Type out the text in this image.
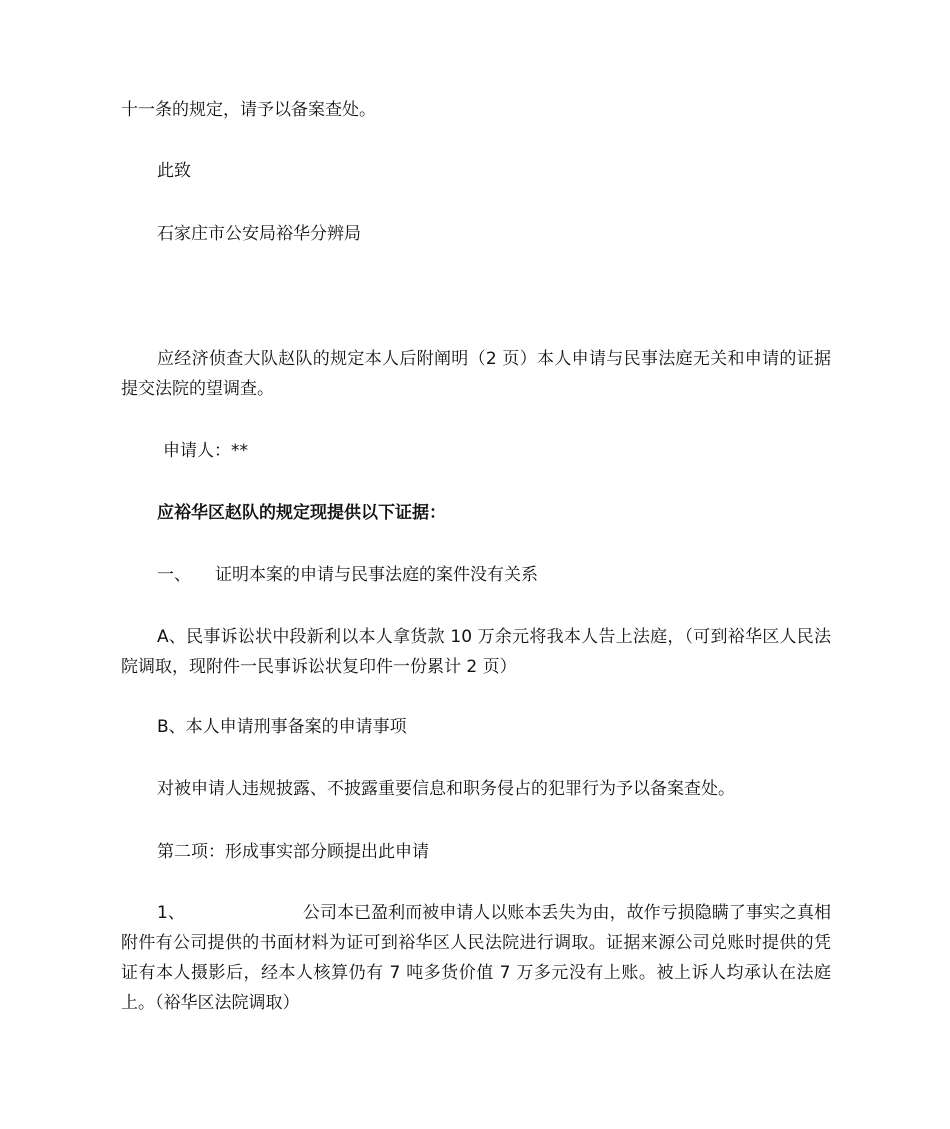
十一条的规定，请予以备案查处。
此致
石家庄市公安局裕华分辨局
应经济侦查大队赵队的规定本人后附阐明（2 页）本人申请与民事法庭无关和申请的证据提交法院的望调查。
申请人：**
应裕华区赵队的规定现提供以下证据：
一、 证明本案的申请与民事法庭的案件没有关系
A、民事诉讼状中段新利以本人拿货款 10 万余元将我本人告上法庭，（可到裕华区人民法院调取，现附件一民事诉讼状复印件一份累计 2 页）
B、本人申请刑事备案的申请事项
对被申请人违规披露、不披露重要信息和职务侵占的犯罪行为予以备案查处。
第二项：形成事实部分顾提出此申请
1、	公司本已盈利而被申请人以账本丢失为由，故作亏损隐瞒了事实之真相附件有公司提供的书面材料为证可到裕华区人民法院进行调取。证据来源公司兑账时提供的凭证有本人摄影后，经本人核算仍有 7 吨多货价值 7 万多元没有上账。被上诉人均承认在法庭上。（裕华区法院调取）
